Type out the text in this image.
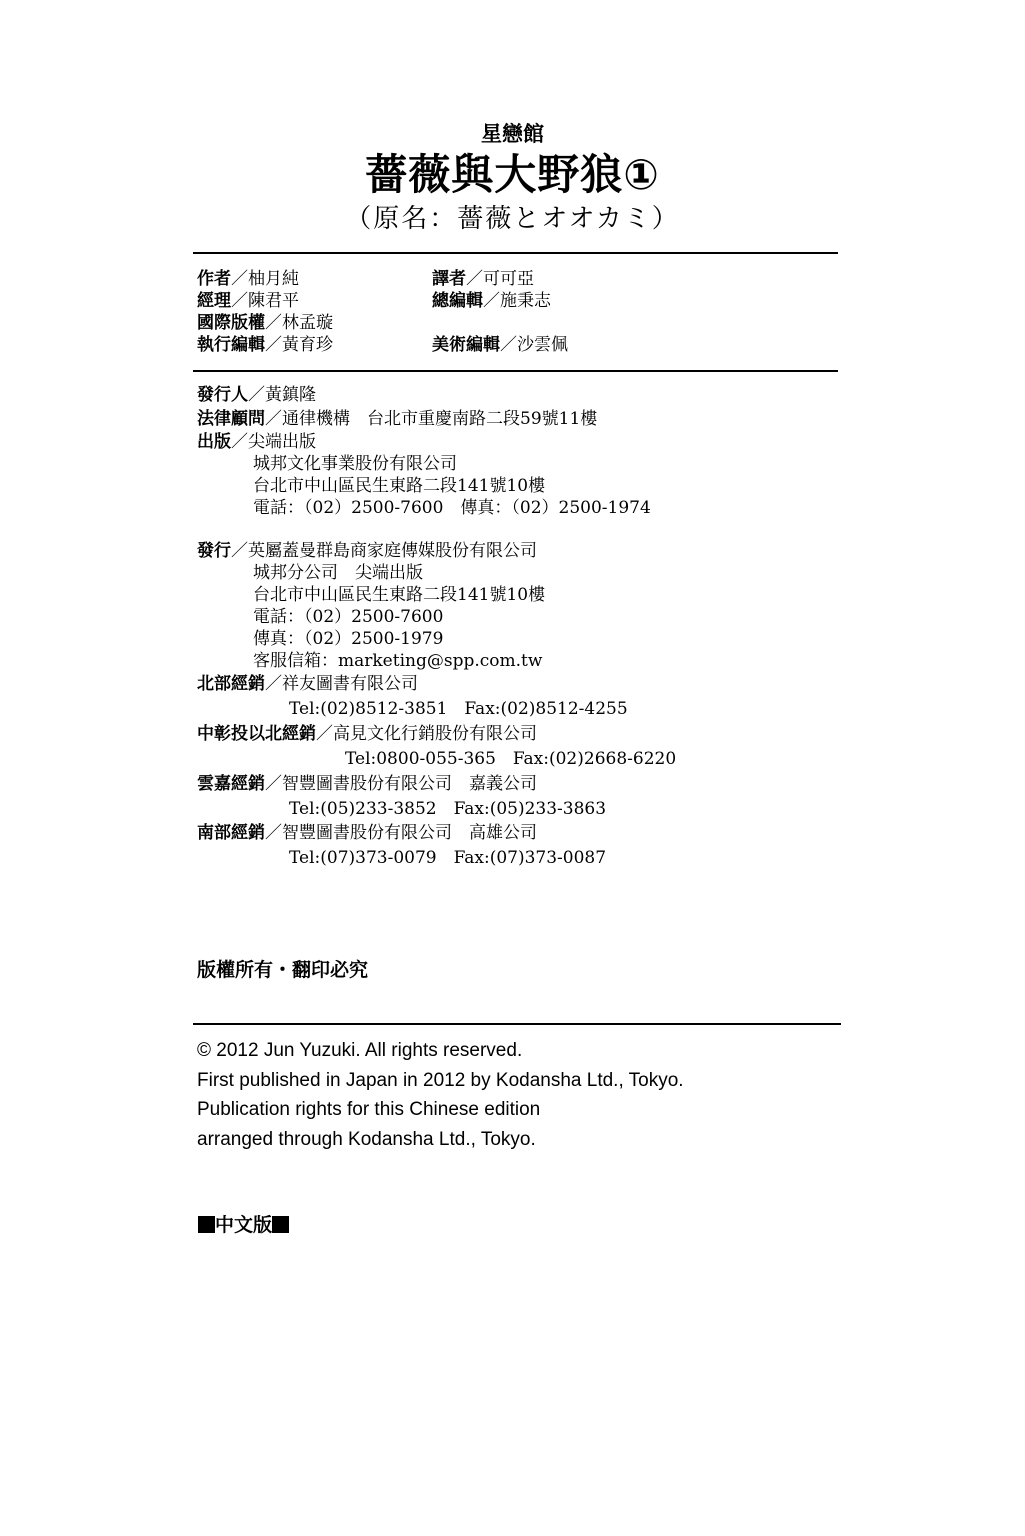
星戀館
薔薇與大野狼①
（原名：薔薇とオオカミ）
作者／柚月純	譯者／可可亞
經理／陳君平	總編輯／施秉志
國際版權／林孟璇
執行編輯／黃育珍	美術編輯／沙雲佩
發行人／黃鎮隆
法律顧問／通律機構　台北市重慶南路二段59號11樓
出版／尖端出版
城邦文化事業股份有限公司
台北市中山區民生東路二段141號10樓
電話：（02）2500-7600　傳真：（02）2500-1974
發行／英屬蓋曼群島商家庭傳媒股份有限公司
城邦分公司　尖端出版
台北市中山區民生東路二段141號10樓
電話：（02）2500-7600
傳真：（02）2500-1979
客服信箱：marketing@spp.com.tw
北部經銷／祥友圖書有限公司
Tel:(02)8512-3851　Fax:(02)8512-4255
中彰投以北經銷／高見文化行銷股份有限公司
Tel:0800-055-365　Fax:(02)2668-6220
雲嘉經銷／智豐圖書股份有限公司　嘉義公司
Tel:(05)233-3852　Fax:(05)233-3863
南部經銷／智豐圖書股份有限公司　高雄公司
Tel:(07)373-0079　Fax:(07)373-0087
版權所有・翻印必究
© 2012 Jun Yuzuki. All rights reserved.
First published in Japan in 2012 by Kodansha Ltd., Tokyo.
Publication rights for this Chinese edition
arranged through Kodansha Ltd., Tokyo.
中文版
